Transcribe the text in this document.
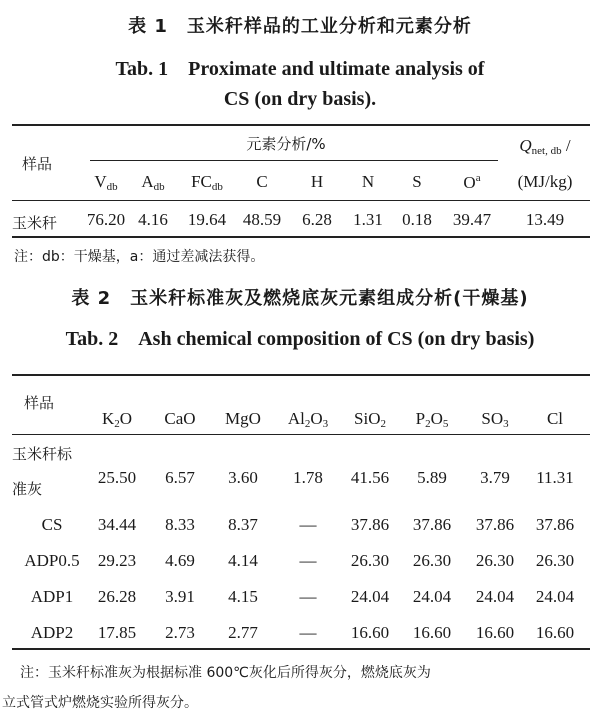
表 1　玉米秆样品的工业分析和元素分析
Tab. 1　Proximate and ultimate analysis of
CS (on dry basis).
样品
元素分析/%	$Q_{net, db}$ /
(MJ/kg)
$V_{db}$ $A_{db}$ $FC_{db}$ C	H N S $O^a$
玉米秆 76.20 4.16 19.64 48.59 6.28 1.31 0.18 39.47 13.49
注：db：干燥基，a：通过差减法获得。
表 2　玉米秆标准灰及燃烧底灰元素组成分析(干燥基)
Tab. 2　Ash chemical composition of CS (on dry basis)
样品
$K_2O$ CaO MgO $Al_2O_3$ SiO$_2$ $P_2O_5$ $SO_3$ Cl
玉米秆标
准灰
25.50 6.57 3.60 1.78 41.56 5.89 3.79 11.31
CS 34.44 8.33 8.37 — 37.86 37.86 37.86 37.86
ADP0.5 29.23 4.69 4.14 — 26.30 26.30 26.30 26.30
ADP1 26.28 3.91 4.15 — 24.04 24.04 24.04 24.04
ADP2 17.85 2.73 2.77 — 16.60 16.60 16.60 16.60
注：玉米秆标准灰为根据标准 600℃灰化后所得灰分，燃烧底灰为
立式管式炉燃烧实验所得灰分。
